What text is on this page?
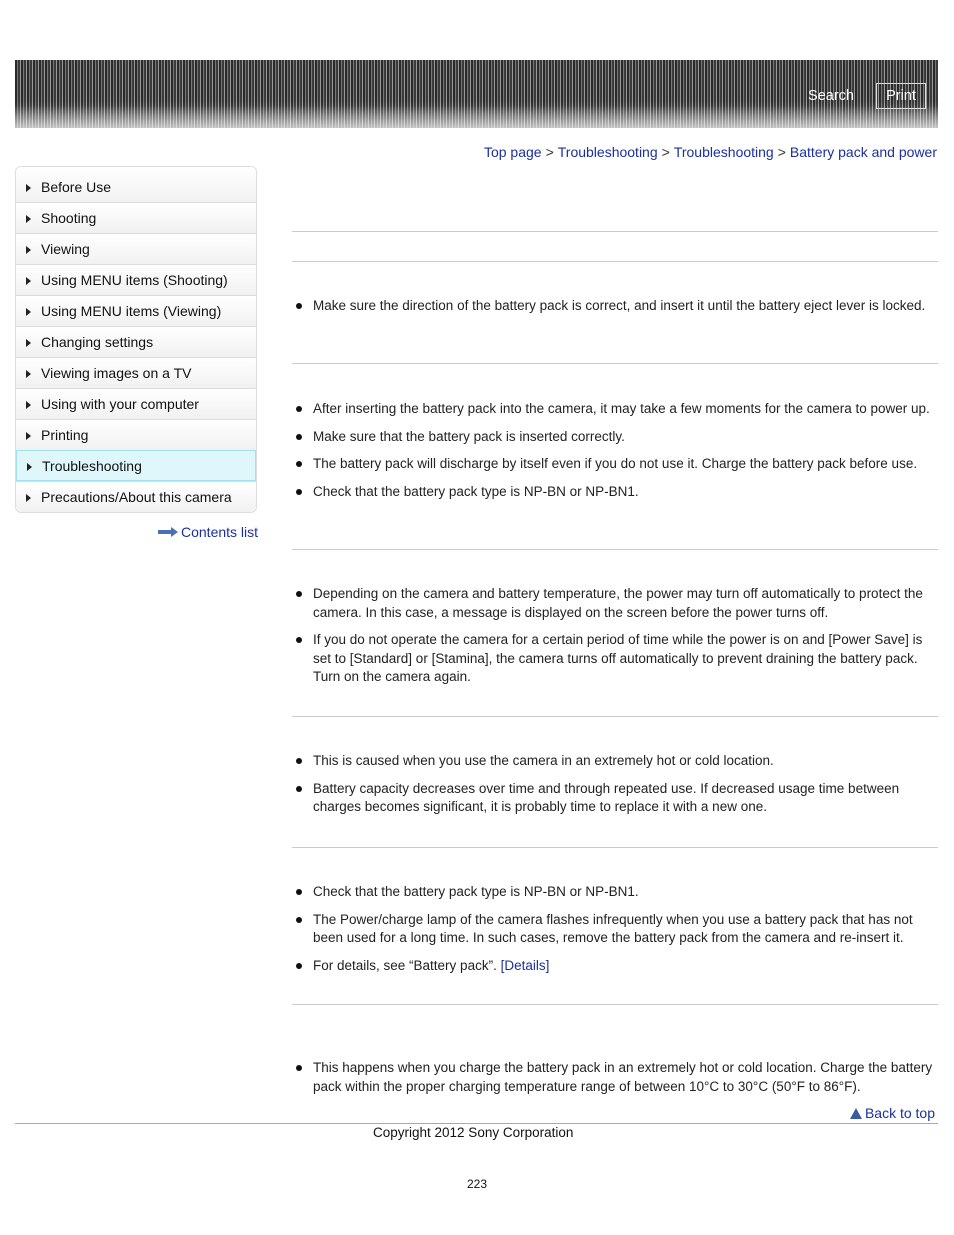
Search	Print
Top page > Troubleshooting > Troubleshooting > Battery pack and power
Before Use
Shooting
Viewing
Using MENU items (Shooting)
Using MENU items (Viewing)
Changing settings
Viewing images on a TV
Using with your computer
Printing
Troubleshooting
Precautions/About this camera
Contents list
Make sure the direction of the battery pack is correct, and insert it until the battery eject lever is locked.
After inserting the battery pack into the camera, it may take a few moments for the camera to power up.
Make sure that the battery pack is inserted correctly.
The battery pack will discharge by itself even if you do not use it. Charge the battery pack before use.
Check that the battery pack type is NP-BN or NP-BN1.
Depending on the camera and battery temperature, the power may turn off automatically to protect the camera. In this case, a message is displayed on the screen before the power turns off.
If you do not operate the camera for a certain period of time while the power is on and [Power Save] is set to [Standard] or [Stamina], the camera turns off automatically to prevent draining the battery pack. Turn on the camera again.
This is caused when you use the camera in an extremely hot or cold location.
Battery capacity decreases over time and through repeated use. If decreased usage time between charges becomes significant, it is probably time to replace it with a new one.
Check that the battery pack type is NP-BN or NP-BN1.
The Power/charge lamp of the camera flashes infrequently when you use a battery pack that has not been used for a long time. In such cases, remove the battery pack from the camera and re-insert it.
For details, see “Battery pack”. [Details]
This happens when you charge the battery pack in an extremely hot or cold location. Charge the battery pack within the proper charging temperature range of between 10°C to 30°C (50°F to 86°F).
Back to top
Copyright 2012 Sony Corporation
223
